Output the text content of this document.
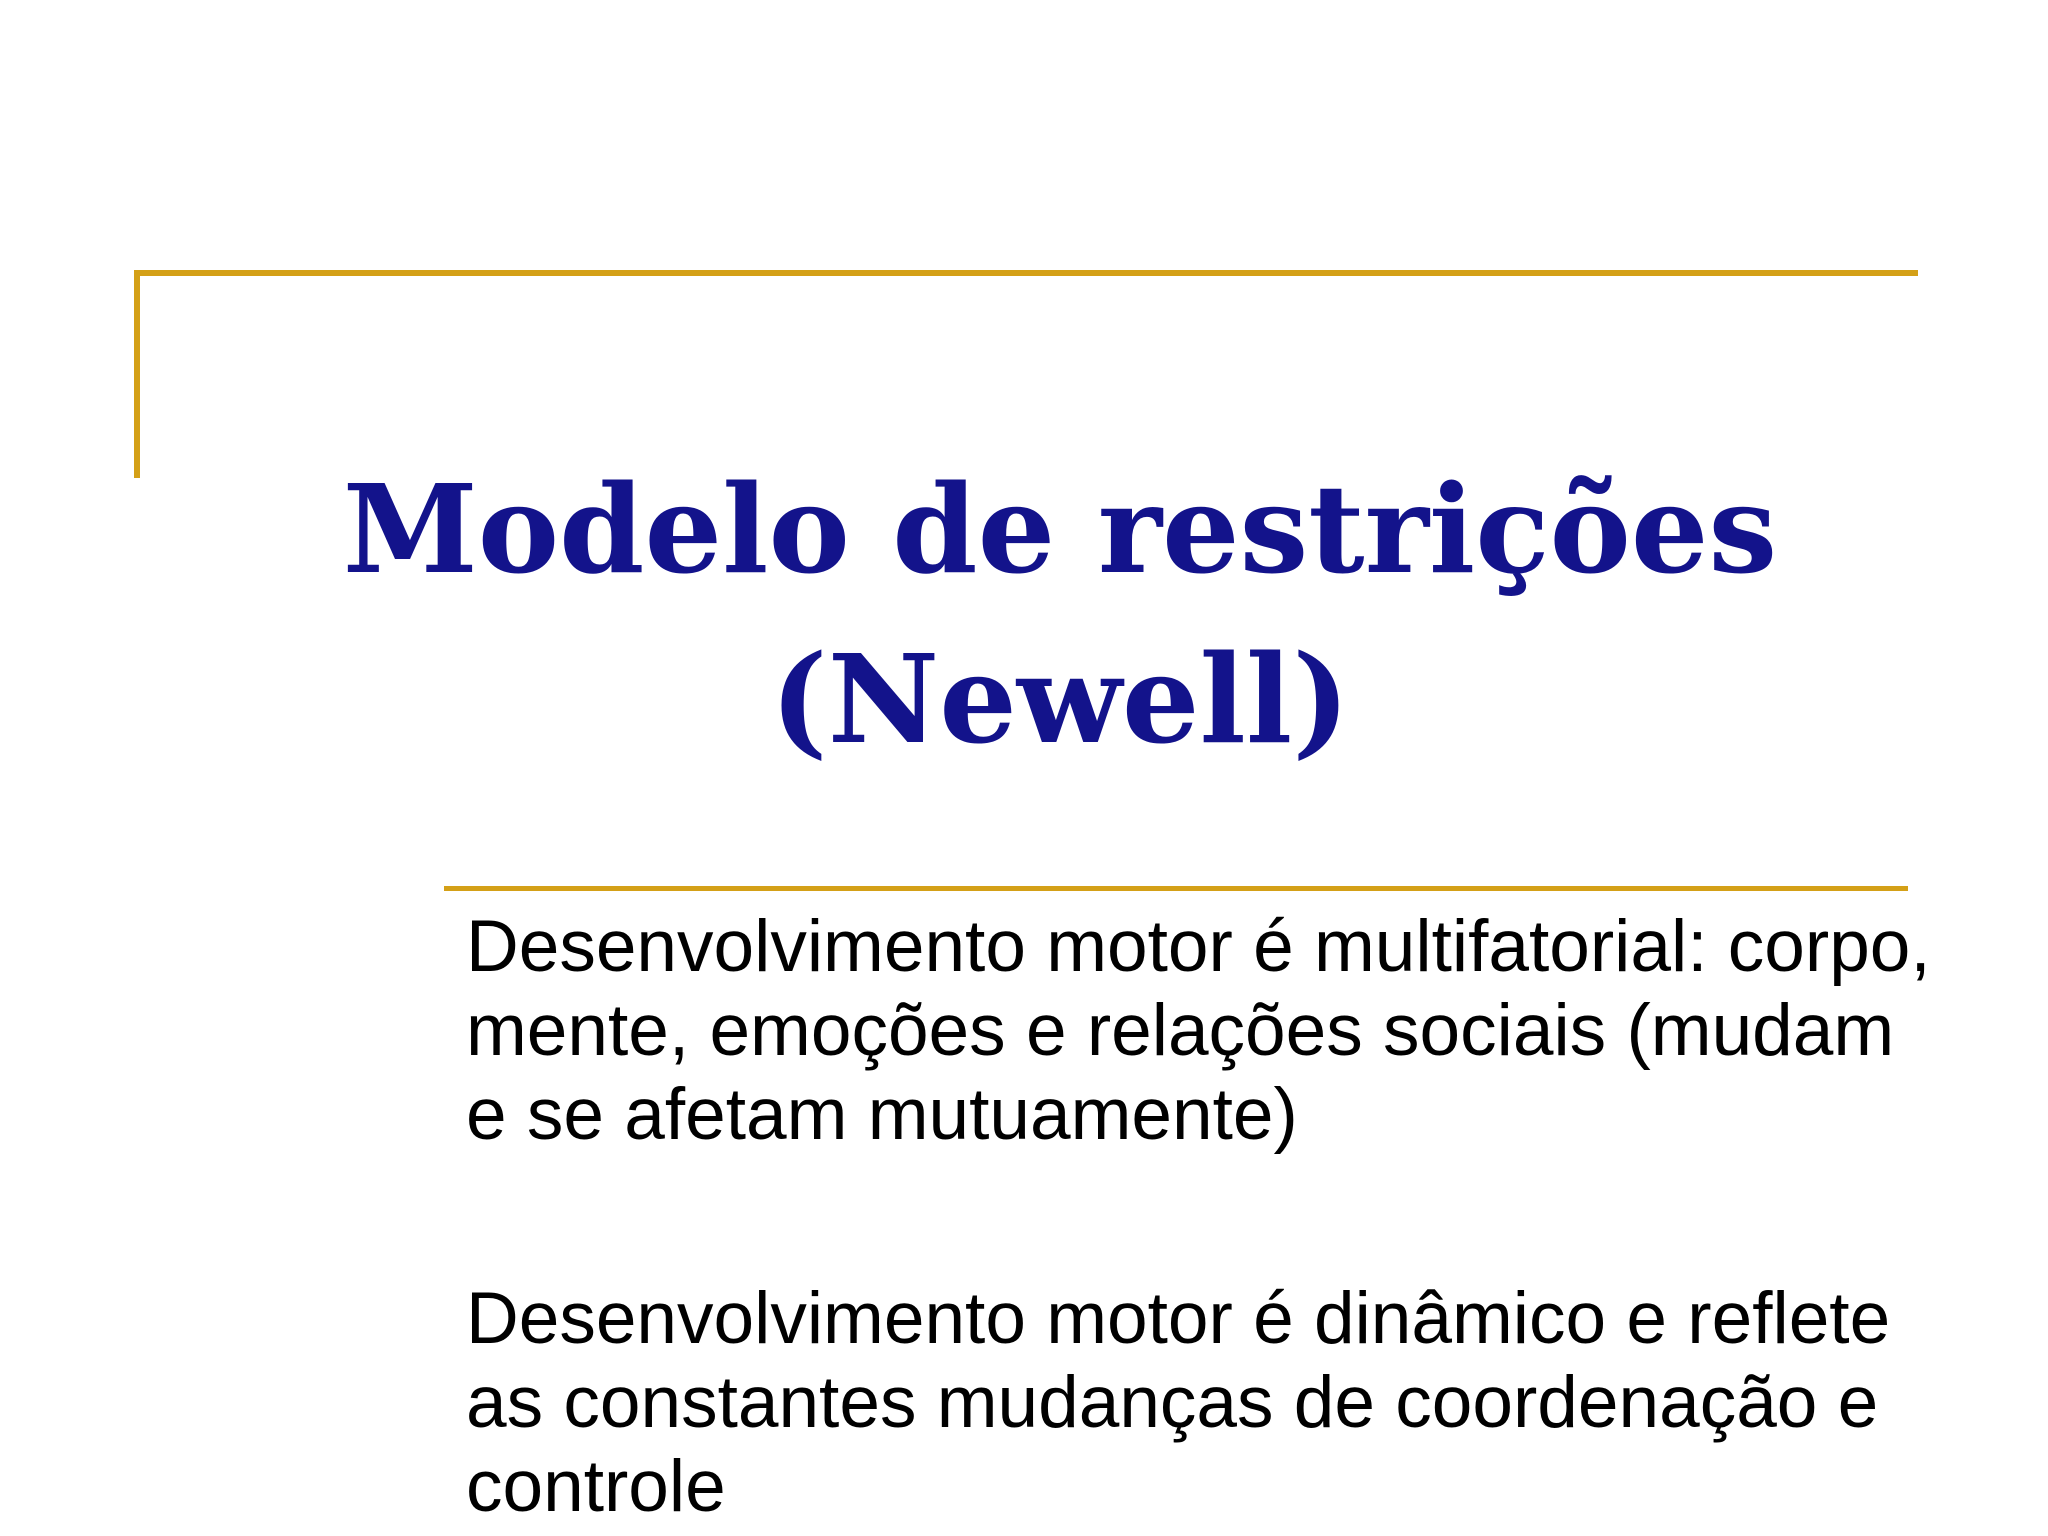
Modelo de restrições (Newell)

Desenvolvimento motor é multifatorial: corpo, mente, emoções e relações sociais (mudam e se afetam mutuamente)

Desenvolvimento motor é dinâmico e reflete as constantes mudanças de coordenação e controle
